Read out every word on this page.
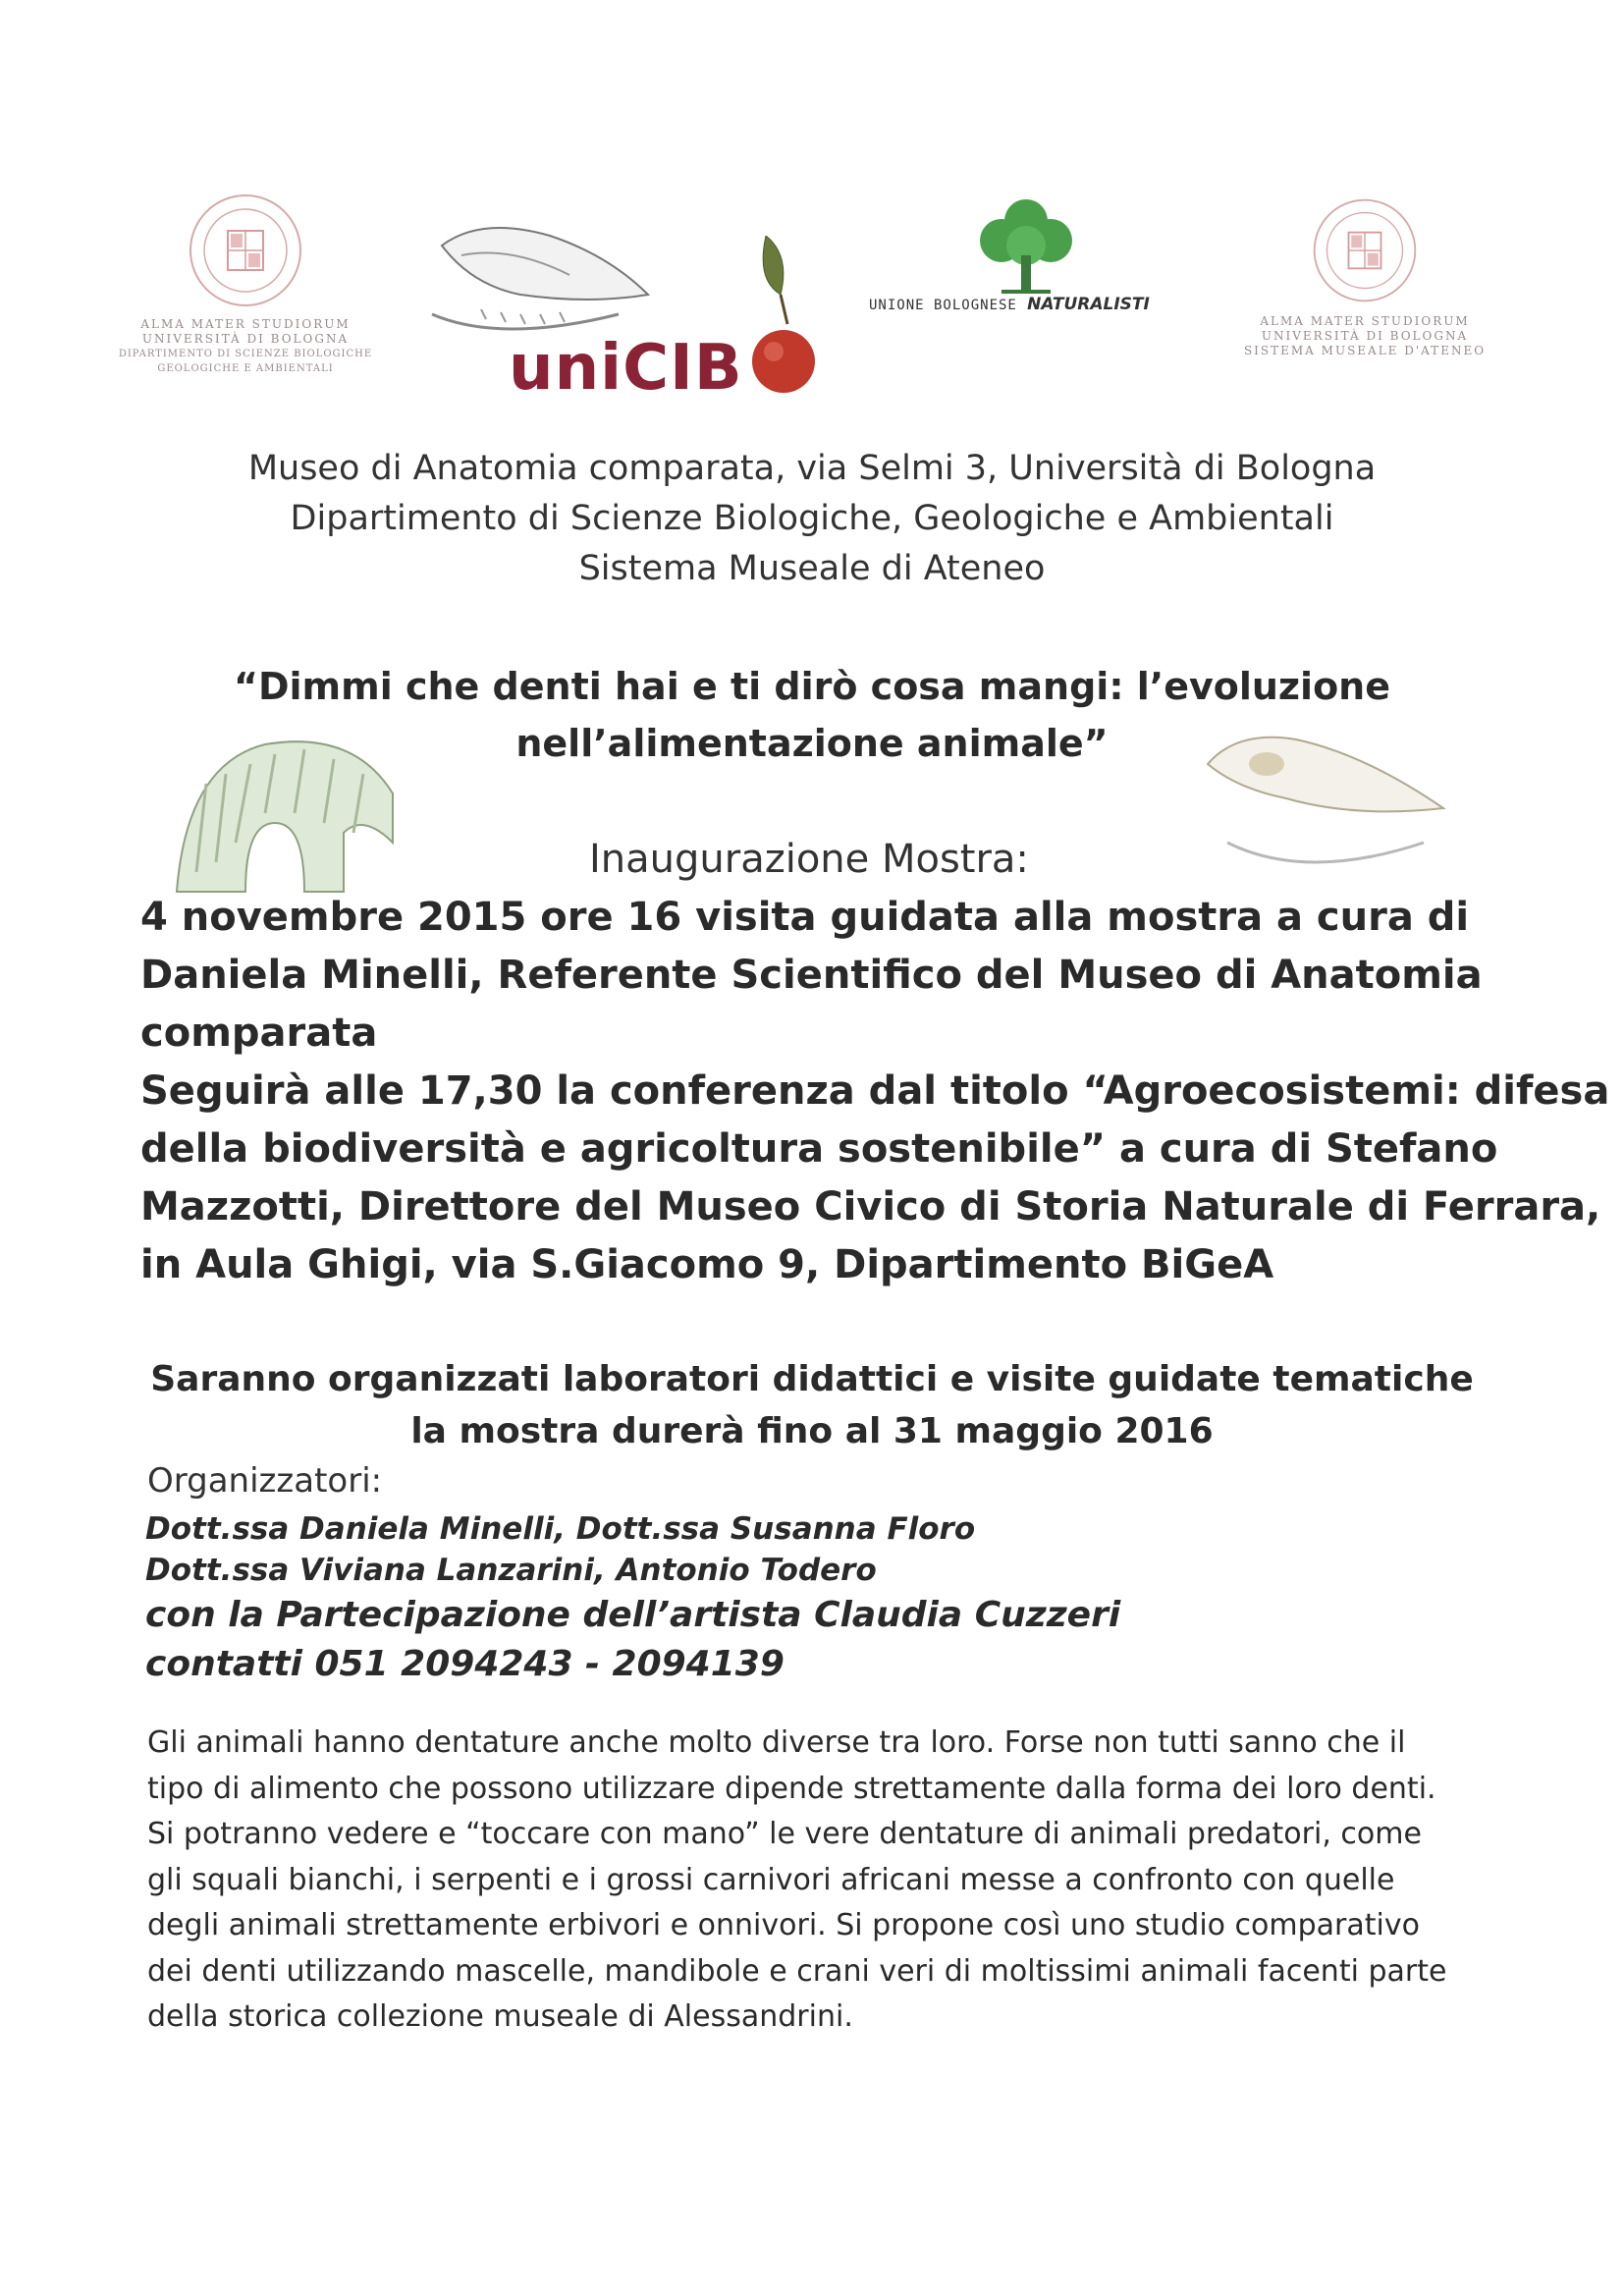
ALMA MATER STUDIORUM
UNIVERSITÀ DI BOLOGNA
DIPARTIMENTO DI SCIENZE BIOLOGICHE
GEOLOGICHE E AMBIENTALI	uniCIB
UNIONE BOLOGNESE NATURALISTI
ALMA MATER STUDIORUM
UNIVERSITÀ DI BOLOGNA
SISTEMA MUSEALE D'ATENEO
Museo di Anatomia comparata, via Selmi 3, Università di Bologna
Dipartimento di Scienze Biologiche, Geologiche e Ambientali
Sistema Museale di Ateneo
“Dimmi che denti hai e ti dirò cosa mangi: l’evoluzione
nell’alimentazione animale”
Inaugurazione Mostra:
4 novembre 2015 ore 16 visita guidata alla mostra a cura di
Daniela Minelli, Referente Scientifico del Museo di Anatomia
comparata
Seguirà alle 17,30 la conferenza dal titolo “Agroecosistemi: difesa
della biodiversità e agricoltura sostenibile” a cura di Stefano
Mazzotti, Direttore del Museo Civico di Storia Naturale di Ferrara,
in Aula Ghigi, via S.Giacomo 9, Dipartimento BiGeA
Saranno organizzati laboratori didattici e visite guidate tematiche
la mostra durerà fino al 31 maggio 2016
Organizzatori:
Dott.ssa Daniela Minelli, Dott.ssa Susanna Floro
Dott.ssa Viviana Lanzarini, Antonio Todero
con la Partecipazione dell’artista Claudia Cuzzeri
contatti 051 2094243 - 2094139
Gli animali hanno dentature anche molto diverse tra loro. Forse non tutti sanno che il
tipo di alimento che possono utilizzare dipende strettamente dalla forma dei loro denti.
Si potranno vedere e “toccare con mano” le vere dentature di animali predatori, come
gli squali bianchi, i serpenti e i grossi carnivori africani messe a confronto con quelle
degli animali strettamente erbivori e onnivori. Si propone così uno studio comparativo
dei denti utilizzando mascelle, mandibole e crani veri di moltissimi animali facenti parte
della storica collezione museale di Alessandrini.
